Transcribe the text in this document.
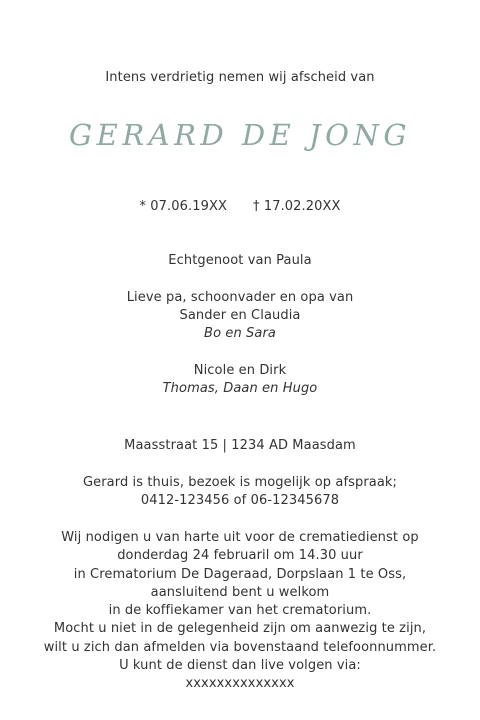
Intens verdrietig nemen wij afscheid van
GERARD DE JONG
* 07.06.19XX † 17.02.20XX
Echtgenoot van Paula
Lieve pa, schoonvader en opa van
Sander en Claudia
Bo en Sara
Nicole en Dirk
Thomas, Daan en Hugo
Maasstraat 15 | 1234 AD Maasdam
Gerard is thuis, bezoek is mogelijk op afspraak;
0412-123456 of 06-12345678
Wij nodigen u van harte uit voor de crematiedienst op
donderdag 24 februaril om 14.30 uur
in Crematorium De Dageraad, Dorpslaan 1 te Oss,
aansluitend bent u welkom
in de koffiekamer van het crematorium.
Mocht u niet in de gelegenheid zijn om aanwezig te zijn,
wilt u zich dan afmelden via bovenstaand telefoonnummer.
U kunt de dienst dan live volgen via:
xxxxxxxxxxxxxx
